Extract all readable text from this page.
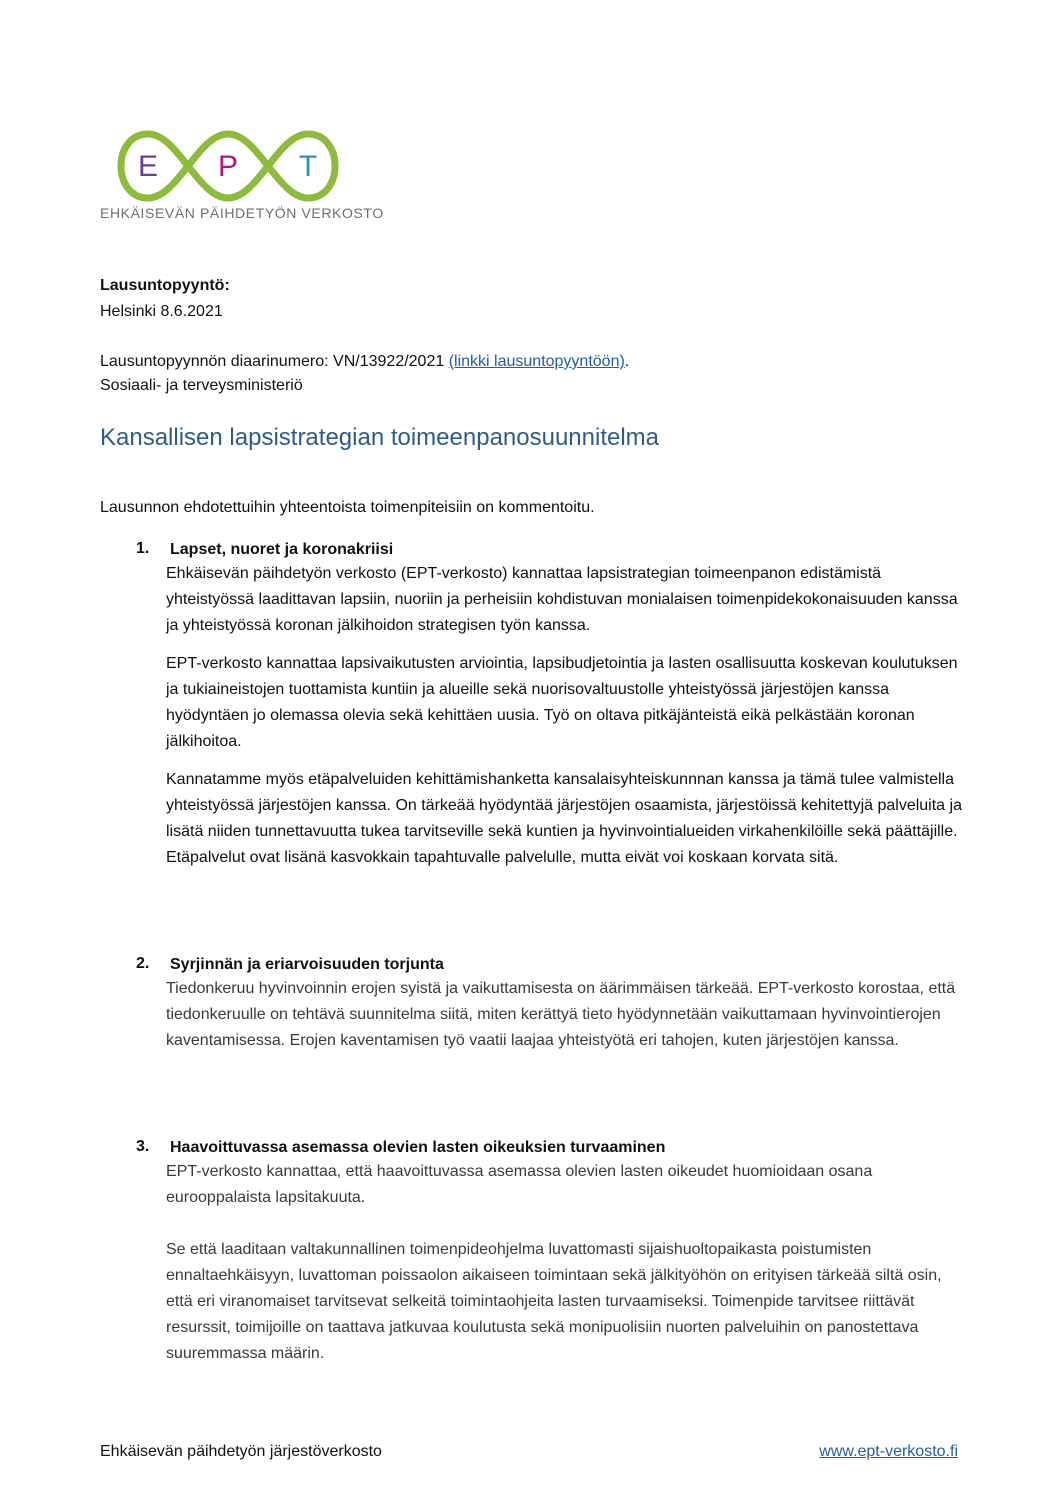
E P T
EHKÄISEVÄN PÄIHDETYÖN VERKOSTO
Lausuntopyyntö:
Helsinki 8.6.2021
Lausuntopyynnön diaarinumero: VN/13922/2021 (linkki lausuntopyyntöön).
Sosiaali- ja terveysministeriö
Kansallisen lapsistrategian toimeenpanosuunnitelma
Lausunnon ehdotettuihin yhteentoista toimenpiteisiin on kommentoitu.
1. Lapset, nuoret ja koronakriisi
Ehkäisevän päihdetyön verkosto (EPT-verkosto) kannattaa lapsistrategian toimeenpanon edistämistä yhteistyössä laadittavan lapsiin, nuoriin ja perheisiin kohdistuvan monialaisen toimenpidekokonaisuuden kanssa ja yhteistyössä koronan jälkihoidon strategisen työn kanssa.
EPT-verkosto kannattaa lapsivaikutusten arviointia, lapsibudjetointia ja lasten osallisuutta koskevan koulutuksen ja tukiaineistojen tuottamista kuntiin ja alueille sekä nuorisovaltuustolle yhteistyössä järjestöjen kanssa hyödyntäen jo olemassa olevia sekä kehittäen uusia. Työ on oltava pitkäjänteistä eikä pelkästään koronan jälkihoitoa.
Kannatamme myös etäpalveluiden kehittämishanketta kansalaisyhteiskunnnan kanssa ja tämä tulee valmistella yhteistyössä järjestöjen kanssa. On tärkeää hyödyntää järjestöjen osaamista, järjestöissä kehitettyjä palveluita ja lisätä niiden tunnettavuutta tukea tarvitseville sekä kuntien ja hyvinvointialueiden virkahenkilöille sekä päättäjille. Etäpalvelut ovat lisänä kasvokkain tapahtuvalle palvelulle, mutta eivät voi koskaan korvata sitä.
2. Syrjinnän ja eriarvoisuuden torjunta
Tiedonkeruu hyvinvoinnin erojen syistä ja vaikuttamisesta on äärimmäisen tärkeää. EPT-verkosto korostaa, että tiedonkeruulle on tehtävä suunnitelma siitä, miten kerättyä tieto hyödynnetään vaikuttamaan hyvinvointierojen kaventamisessa. Erojen kaventamisen työ vaatii laajaa yhteistyötä eri tahojen, kuten järjestöjen kanssa.
3. Haavoittuvassa asemassa olevien lasten oikeuksien turvaaminen
EPT-verkosto kannattaa, että haavoittuvassa asemassa olevien lasten oikeudet huomioidaan osana eurooppalaista lapsitakuuta.
Se että laaditaan valtakunnallinen toimenpideohjelma luvattomasti sijaishuoltopaikasta poistumisten ennaltaehkäisyyn, luvattoman poissaolon aikaiseen toimintaan sekä jälkityöhön on erityisen tärkeää siltä osin, että eri viranomaiset tarvitsevat selkeitä toimintaohjeita lasten turvaamiseksi. Toimenpide tarvitsee riittävät resurssit, toimijoille on taattava jatkuvaa koulutusta sekä monipuolisiin nuorten palveluihin on panostettava suuremmassa määrin.
Ehkäisevän päihdetyön järjestöverkosto	www.ept-verkosto.fi
